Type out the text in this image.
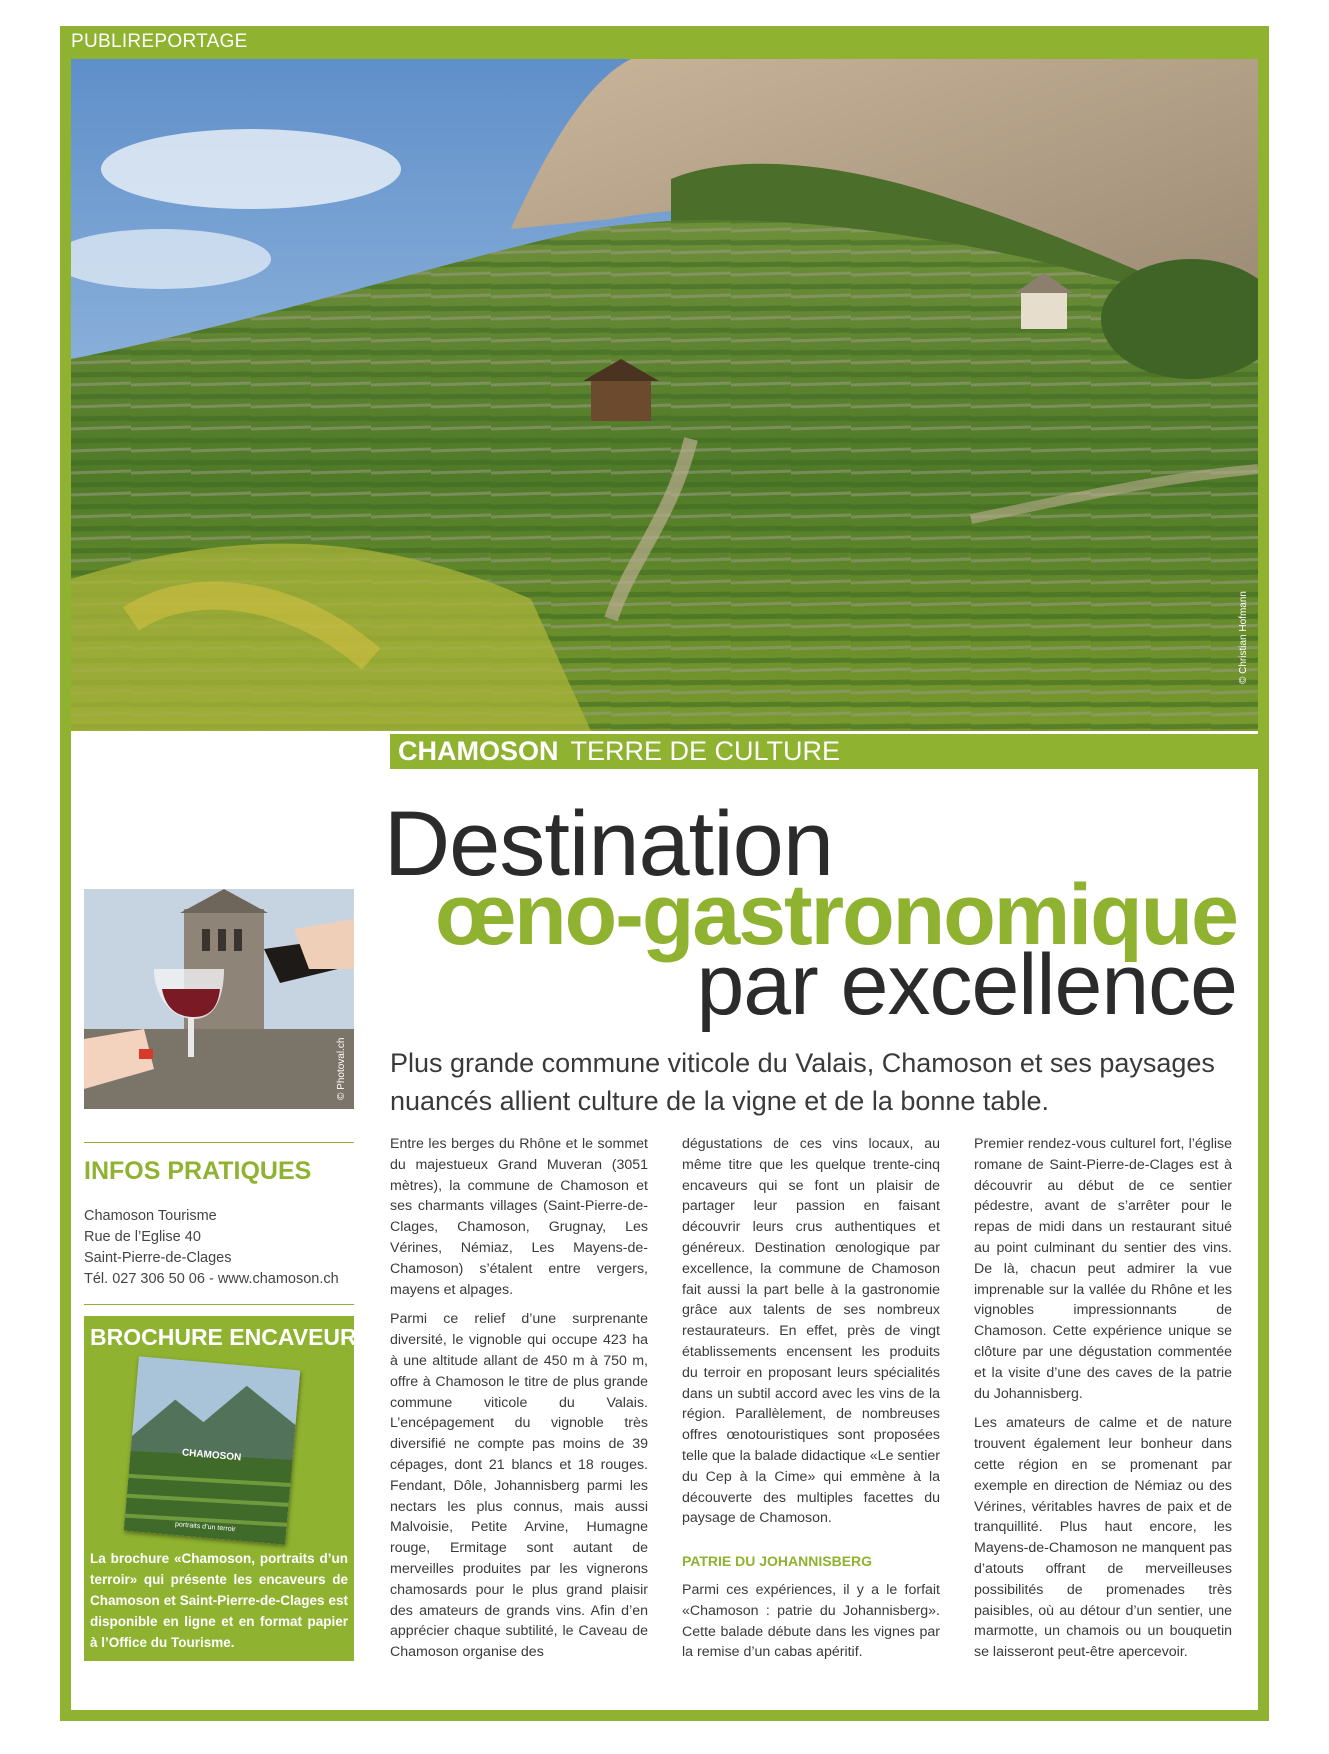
PUBLIREPORTAGE
© Christian Hofmann
CHAMOSON TERRE DE CULTURE
Destination
œno-gastronomique
par excellence
Plus grande commune viticole du Valais, Chamoson et ses paysages nuancés allient culture de la vigne et de la bonne table.
© Photoval.ch
INFOS PRATIQUES

Chamoson Tourisme

Rue de l’Eglise 40

Saint-Pierre-de-Clages

Tél. 027 306 50 06 - www.chamoson.ch

BROCHURE ENCAVEURS
CHAMOSON
portraits d’un terroir

La brochure «Chamoson, portraits d’un terroir» qui présente les encaveurs de Chamoson et Saint-Pierre-de-Clages est disponible en ligne et en format papier à l’Office du Tourisme.

Entre les berges du Rhône et le sommet du majestueux Grand Muveran (3051 mètres), la commune de Chamoson et ses charmants villages (Saint-Pierre-de-Clages, Chamoson, Grugnay, Les Vérines, Némiaz, Les Mayens-de-Chamoson) s’étalent entre vergers, mayens et alpages.

Parmi ce relief d’une surprenante diversité, le vignoble qui occupe 423 ha à une altitude allant de 450 m à 750 m, offre à Chamoson le titre de plus grande commune viticole du Valais. L’encépagement du vignoble très diversifié ne compte pas moins de 39 cépages, dont 21 blancs et 18 rouges. Fendant, Dôle, Johannisberg parmi les nectars les plus connus, mais aussi Malvoisie, Petite Arvine, Humagne rouge, Ermitage sont autant de merveilles produites par les vignerons chamosards pour le plus grand plaisir des amateurs de grands vins. Afin d’en apprécier chaque subtilité, le Caveau de Chamoson organise des

dégustations de ces vins locaux, au même titre que les quelque trente-cinq encaveurs qui se font un plaisir de partager leur passion en faisant découvrir leurs crus authentiques et généreux. Destination œnologique par excellence, la commune de Chamoson fait aussi la part belle à la gastronomie grâce aux talents de ses nombreux restaurateurs. En effet, près de vingt établissements encensent les produits du terroir en proposant leurs spécialités dans un subtil accord avec les vins de la région. Parallèlement, de nombreuses offres œnotouristiques sont proposées telle que la balade didactique «Le sentier du Cep à la Cime» qui emmène à la découverte des multiples facettes du paysage de Chamoson.

PATRIE DU JOHANNISBERG

Parmi ces expériences, il y a le forfait «Chamoson : patrie du Johannisberg». Cette balade débute dans les vignes par la remise d’un cabas apéritif.

Premier rendez-vous culturel fort, l’église romane de Saint-Pierre-de-Clages est à découvrir au début de ce sentier pédestre, avant de s’arrêter pour le repas de midi dans un restaurant situé au point culminant du sentier des vins. De là, chacun peut admirer la vue imprenable sur la vallée du Rhône et les vignobles impressionnants de Chamoson. Cette expérience unique se clôture par une dégustation commentée et la visite d’une des caves de la patrie du Johannisberg.

Les amateurs de calme et de nature trouvent également leur bonheur dans cette région en se promenant par exemple en direction de Némiaz ou des Vérines, véritables havres de paix et de tranquillité. Plus haut encore, les Mayens-de-Chamoson ne manquent pas d’atouts offrant de merveilleuses possibilités de promenades très paisibles, où au détour d’un sentier, une marmotte, un chamois ou un bouquetin se laisseront peut-être apercevoir.
